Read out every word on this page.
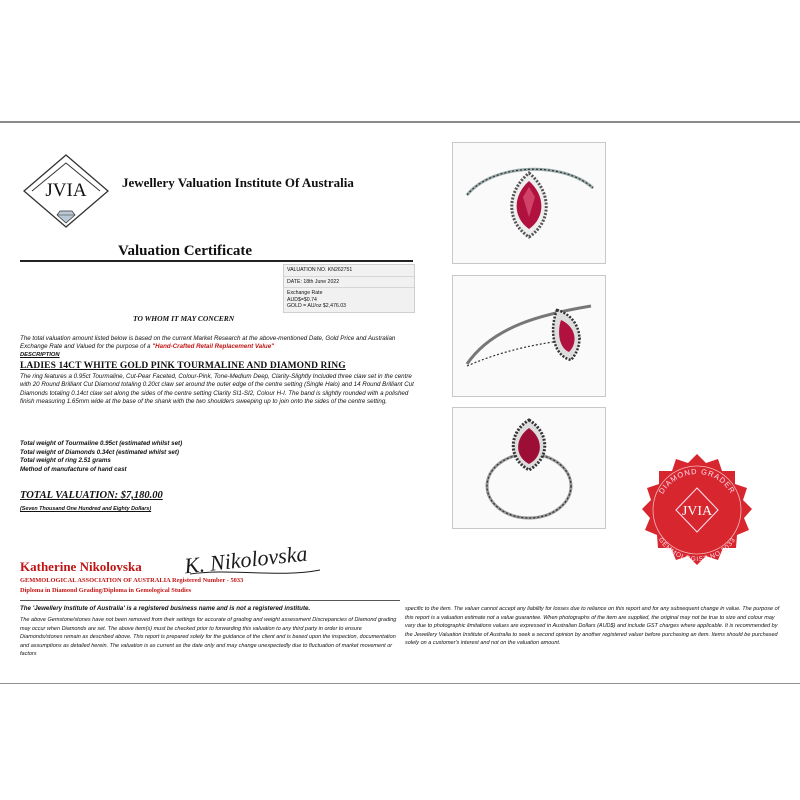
JVIA	Jewellery Valuation Institute Of Australia
Valuation Certificate
VALUATION NO. KN262751
DATE: 18th June 2022
Exchange Rate
AUD$=$0.74
GOLD = AU/oz $2,476.03
TO WHOM IT MAY CONCERN
The total valuation amount listed below is based on the current Market Research at the above-mentioned Date, Gold Price and Australian Exchange Rate and Valued for the purpose of a "Hand-Crafted Retail Replacement Value"
DESCRIPTION
LADIES 14CT WHITE GOLD PINK TOURMALINE AND DIAMOND RING
The ring features a 0.95ct Tourmaline, Cut-Pear Faceted, Colour-Pink, Tone-Medium Deep, Clarity-Slightly Included three claw set in the centre with 20 Round Brilliant Cut Diamond totaling 0.20ct claw set around the outer edge of the centre setting (Single Halo) and 14 Round Brilliant Cut Diamonds totaling 0.14ct claw set along the sides of the centre setting Clarity SI1-SI2, Colour H-I. The band is slightly rounded with a polished finish measuring 1.65mm wide at the base of the shank with the two shoulders sweeping up to join onto the sides of the centre setting.
Total weight of Tourmaline 0.95ct (estimated whilst set)
Total weight of Diamonds 0.34ct (estimated whilst set)
Total weight of ring 2.51 grams
Method of manufacture of hand cast
TOTAL VALUATION: $7,180.00
(Seven Thousand One Hundred and Eighty Dollars)
Katherine Nikolovska K. Nikolovska
GEMMOLOGICAL ASSOCIATION OF AUSTRALIA Registered Number - 5033
Diploma in Diamond Grading/Diploma in Gemological Studies
The 'Jewellery Institute of Australia' is a registered business name and is not a registered institute.
The above Gemstone/stones have not been removed from their settings for accurate of grading and weight assessment Discrepancies of Diamond grading may occur when Diamonds are set. The above item(s) must be checked prior to forwarding this valuation to any third party in order to ensure Diamonds/stones remain as described above. This report is prepared solely for the guidance of the client and is based upon the inspection, documentation and assumptions as detailed herein. The valuation is as current as the date only and may change unexpectedly due to fluctuation of market movement or factors
specific to the item. The valuer cannot accept any liability for losses due to reliance on this report and for any subsequent change in value. The purpose of this report is a valuation estimate not a value guarantee. When photographs of the item are supplied, the original may not be true to size and colour may vary due to photographic limitations values are expressed in Australian Dollars (AUD$) and include GST charges where applicable. It is recommended by the Jewellery Valuation Institute of Australia to seek a second opinion by another registered valuer before purchasing an item. Items should be purchased solely on a customer's interest and not on the valuation amount.
DIAMOND GRADER
GEMMOLOGIST NO 5033
JVIA
